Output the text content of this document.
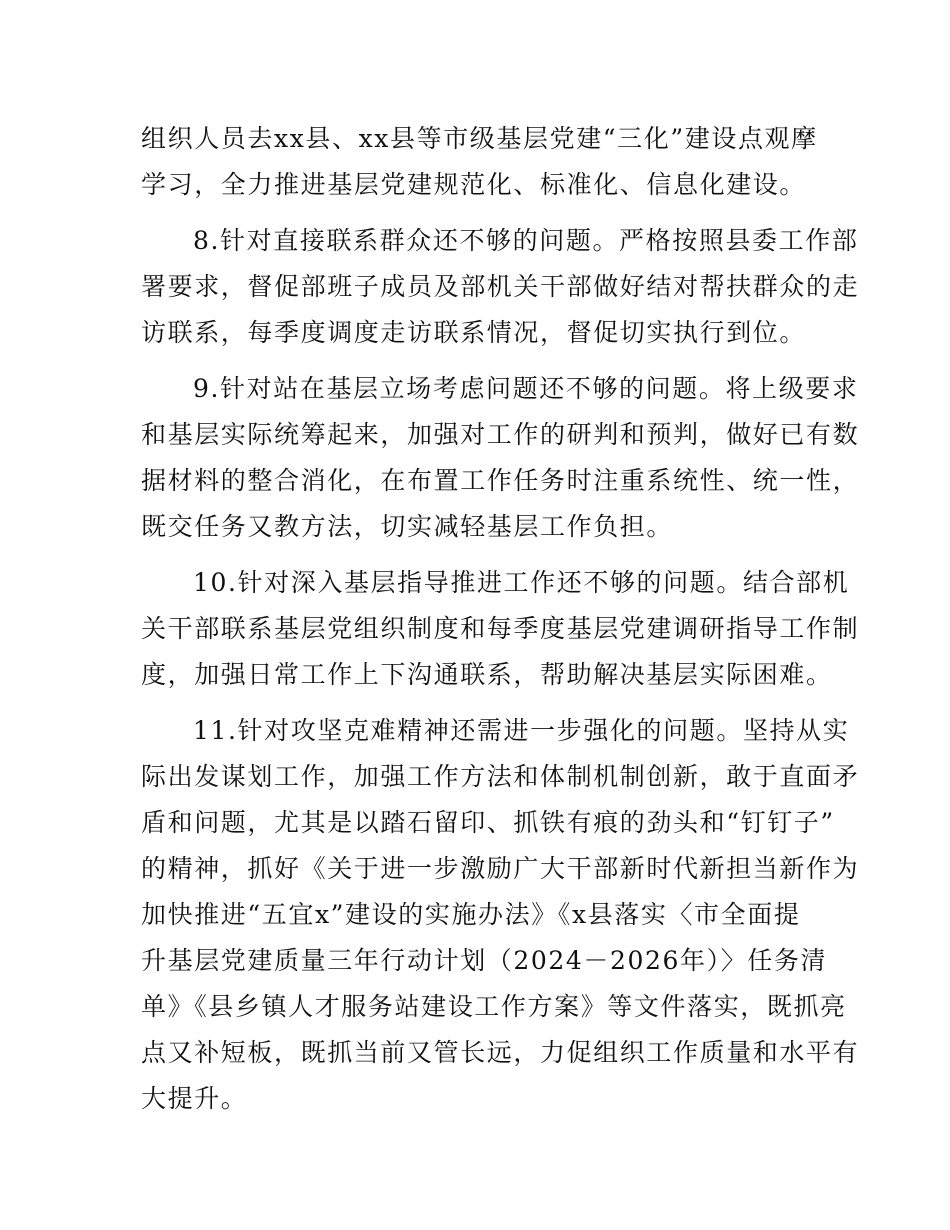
组织人员去xx县、xx县等市级基层党建“三化”建设点观摩
学习，全力推进基层党建规范化、标准化、信息化建设。

8.针对直接联系群众还不够的问题。严格按照县委工作部
署要求，督促部班子成员及部机关干部做好结对帮扶群众的走
访联系，每季度调度走访联系情况，督促切实执行到位。

9.针对站在基层立场考虑问题还不够的问题。将上级要求
和基层实际统筹起来，加强对工作的研判和预判，做好已有数
据材料的整合消化，在布置工作任务时注重系统性、统一性，
既交任务又教方法，切实减轻基层工作负担。

10.针对深入基层指导推进工作还不够的问题。结合部机
关干部联系基层党组织制度和每季度基层党建调研指导工作制
度，加强日常工作上下沟通联系，帮助解决基层实际困难。

11.针对攻坚克难精神还需进一步强化的问题。坚持从实
际出发谋划工作，加强工作方法和体制机制创新，敢于直面矛
盾和问题，尤其是以踏石留印、抓铁有痕的劲头和“钉钉子”
的精神，抓好《关于进一步激励广大干部新时代新担当新作为
加快推进“五宜x”建设的实施办法》《x县落实〈市全面提
升基层党建质量三年行动计划（2024－2026年）〉任务清
单》《县乡镇人才服务站建设工作方案》等文件落实，既抓亮
点又补短板，既抓当前又管长远，力促组织工作质量和水平有
大提升。
